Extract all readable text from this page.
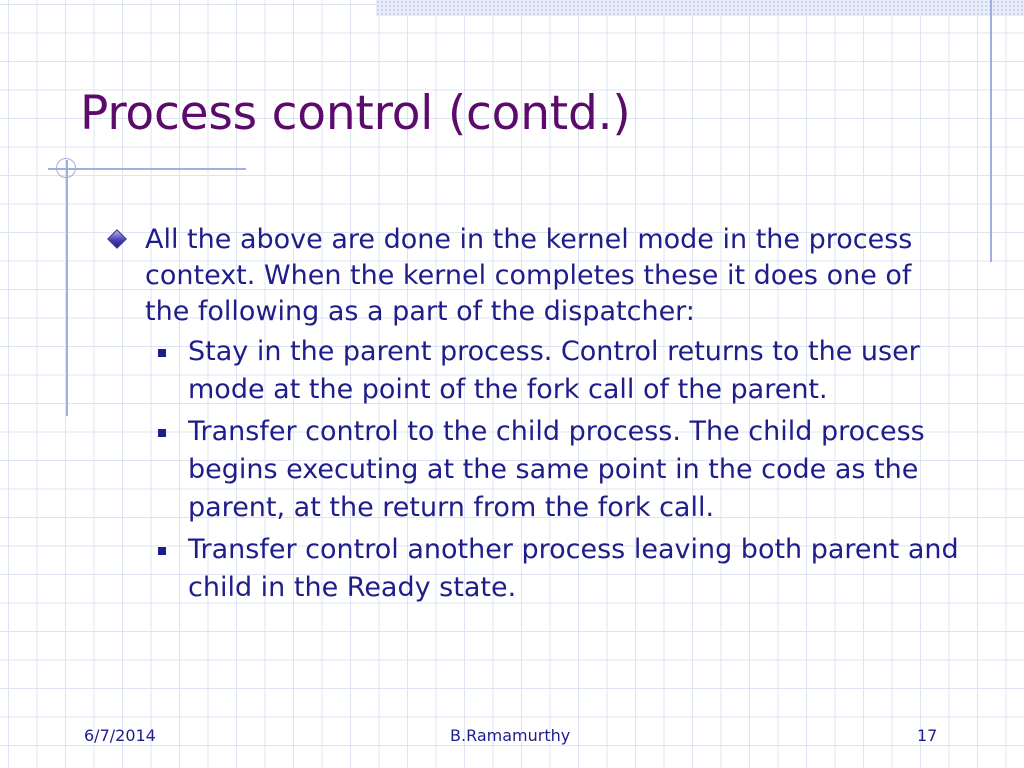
Process control (contd.)

All the above are done in the kernel mode in the process context. When the kernel completes these it does one of the following as a part of the dispatcher:

Stay in the parent process. Control returns to the user mode at the point of the fork call of the parent.
Transfer control to the child process. The child process begins executing at the same point in the code as the parent, at the return from the fork call.
Transfer control another process leaving both parent and child in the Ready state.
6/7/2014	B.Ramamurthy	17
